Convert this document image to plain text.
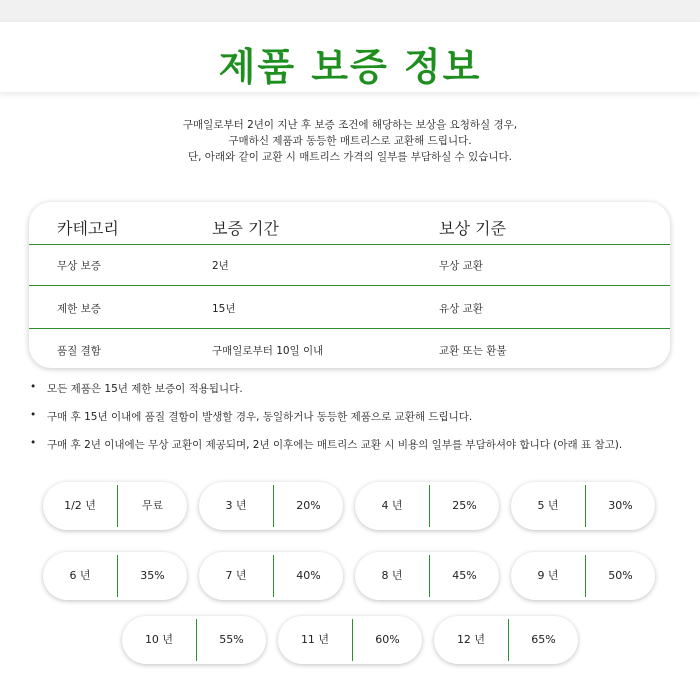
제품 보증 정보
구매일로부터 2년이 지난 후 보증 조건에 해당하는 보상을 요청하실 경우,
구매하신 제품과 동등한 매트리스로 교환해 드립니다.
단, 아래와 같이 교환 시 매트리스 가격의 일부를 부담하실 수 있습니다.
카테고리	보증 기간	보상 기준
무상 보증	2년	무상 교환
제한 보증	15년	유상 교환
품질 결함	구매일로부터 10일 이내	교환 또는 환불
• 모든 제품은 15년 제한 보증이 적용됩니다.
• 구매 후 15년 이내에 품질 결함이 발생할 경우, 동일하거나 동등한 제품으로 교환해 드립니다.
• 구매 후 2년 이내에는 무상 교환이 제공되며, 2년 이후에는 매트리스 교환 시 비용의 일부를 부담하셔야 합니다 (아래 표 참고).
1/2 년	무료	3 년	20%	4 년	25%	5 년	30%
6 년	35%	7 년	40%	8 년	45%	9 년	50%
10 년	55%	11 년	60%	12 년	65%
